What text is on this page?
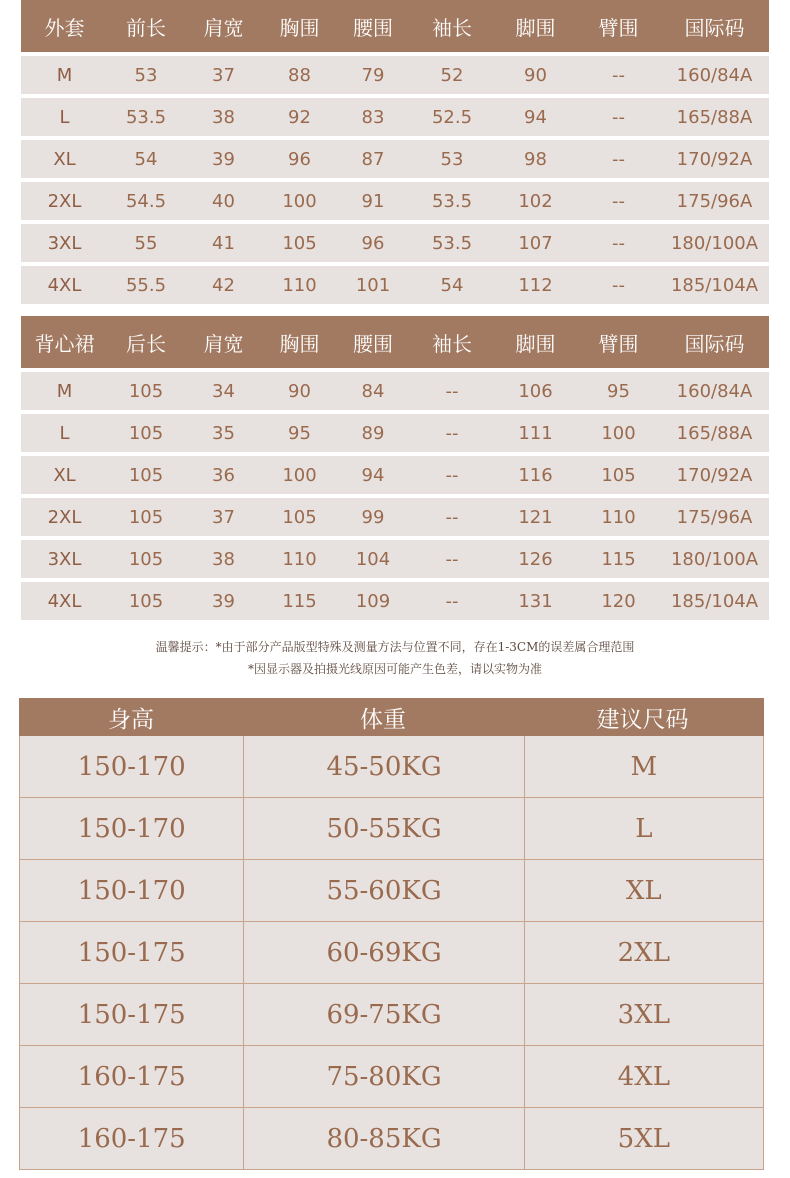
外套	前长	肩宽	胸围	腰围	袖长	脚围	臂围	国际码
M	53	37	88	79	52	90	--	160/84A
L	53.5	38	92	83	52.5	94	--	165/88A
XL	54	39	96	87	53	98	--	170/92A
2XL	54.5	40	100	91	53.5	102	--	175/96A
3XL	55	41	105	96	53.5	107	--	180/100A
4XL	55.5	42	110	101	54	112	--	185/104A
背心裙	后长	肩宽	胸围	腰围	袖长	脚围	臂围	国际码
M	105	34	90	84	--	106	95	160/84A
L	105	35	95	89	--	111	100	165/88A
XL	105	36	100	94	--	116	105	170/92A
2XL	105	37	105	99	--	121	110	175/96A
3XL	105	38	110	104	--	126	115	180/100A
4XL	105	39	115	109	--	131	120	185/104A
温馨提示：*由于部分产品版型特殊及测量方法与位置不同，存在1-3CM的误差属合理范围
*因显示器及拍摄光线原因可能产生色差，请以实物为准
身高	体重	建议尺码
150-170	45-50KG	M
150-170	50-55KG	L
150-170	55-60KG	XL
150-175	60-69KG	2XL
150-175	69-75KG	3XL
160-175	75-80KG	4XL
160-175	80-85KG	5XL
